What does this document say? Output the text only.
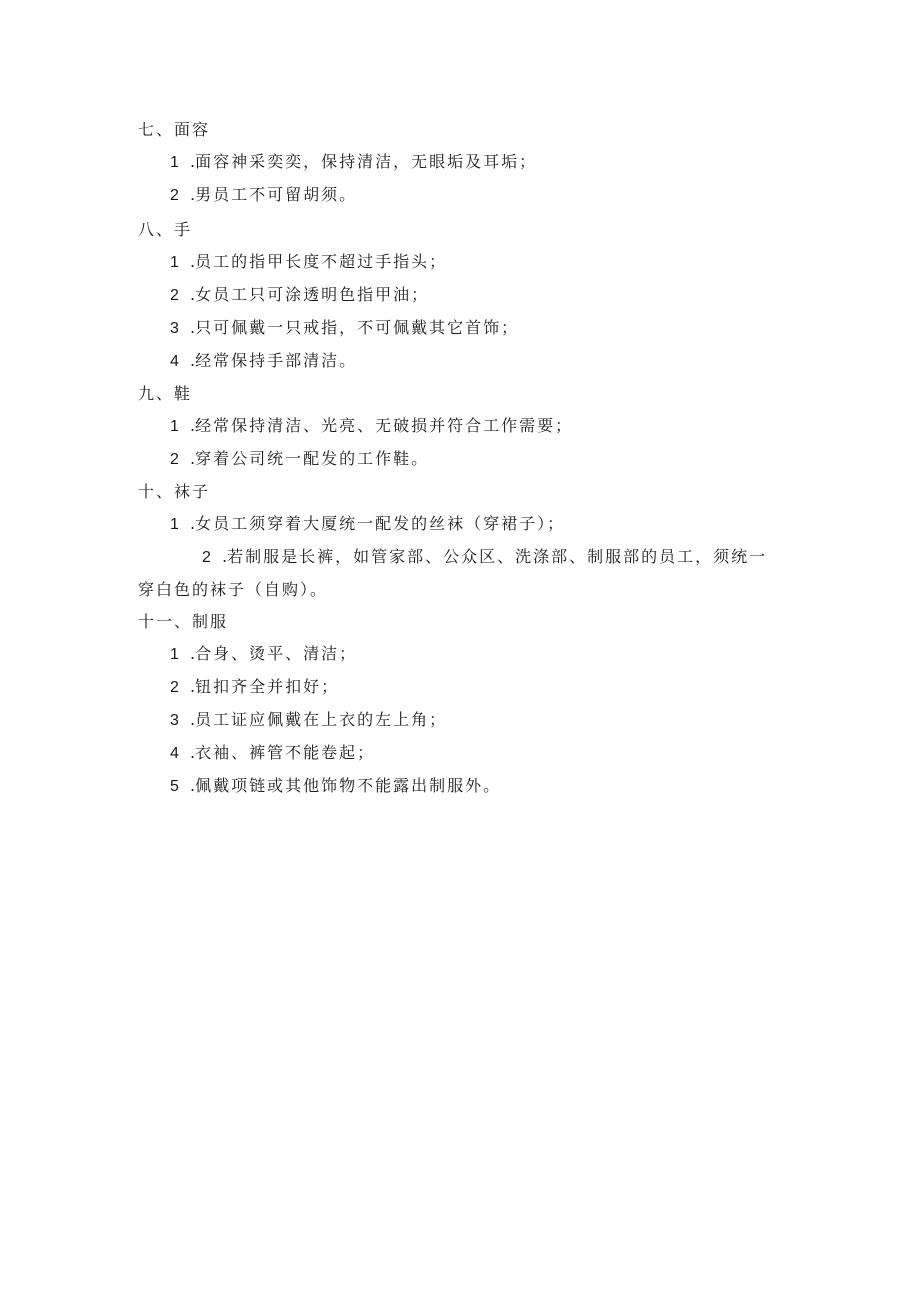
七、面容
1 .面容神采奕奕，保持清洁，无眼垢及耳垢；
2 .男员工不可留胡须。
八、手
1 .员工的指甲长度不超过手指头；
2 .女员工只可涂透明色指甲油；
3 .只可佩戴一只戒指，不可佩戴其它首饰；
4 .经常保持手部清洁。
九、鞋
1 .经常保持清洁、光亮、无破损并符合工作需要；
2 .穿着公司统一配发的工作鞋。
十、袜子
1 .女员工须穿着大厦统一配发的丝袜（穿裙子）；
2 .若制服是长裤，如管家部、公众区、洗涤部、制服部的员工，须统一穿白色的袜子（自购）。
十一、制服
1 .合身、烫平、清洁；
2 .钮扣齐全并扣好；
3 .员工证应佩戴在上衣的左上角；
4 .衣袖、裤管不能卷起；
5 .佩戴项链或其他饰物不能露出制服外。
